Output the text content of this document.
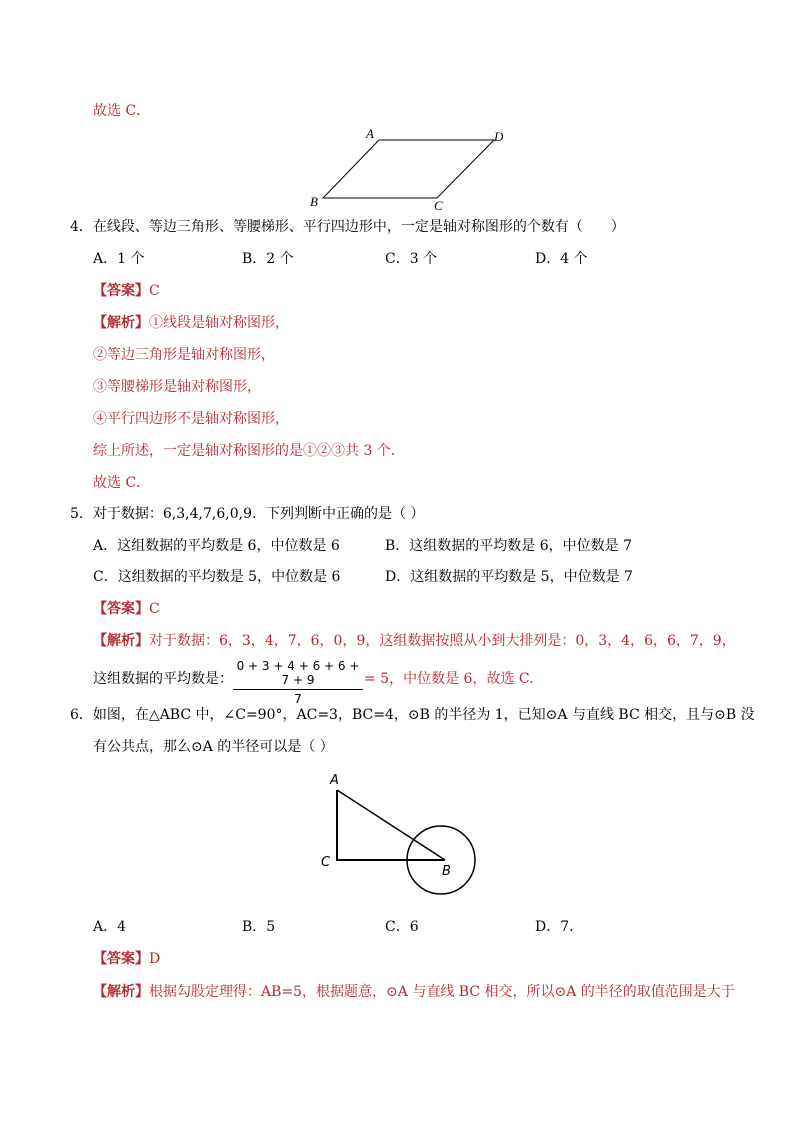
故选 C．
A	D
B	C
4．在线段、等边三角形、等腰梯形、平行四边形中，一定是轴对称图形的个数有（　　）
A．1 个	B．2 个	C．3 个	D．4 个
【答案】C
【解析】①线段是轴对称图形，
②等边三角形是轴对称图形，
③等腰梯形是轴对称图形，
④平行四边形不是轴对称图形，
综上所述，一定是轴对称图形的是①②③共 3 个．
故选 C．
5．对于数据：6,3,4,7,6,0,9．下列判断中正确的是（ ）
A．这组数据的平均数是 6，中位数是 6	B．这组数据的平均数是 6，中位数是 7
C．这组数据的平均数是 5，中位数是 6	D．这组数据的平均数是 5，中位数是 7
【答案】C
【解析】对于数据：6，3，4，7，6，0，9，这组数据按照从小到大排列是：0，3，4，6，6，7，9，
这组数据的平均数是： $\frac{0 + 3 + 4 + 6 + 6 + 7 + 9}{7} = 5$，中位数是 6，故选 C.
6．如图，在△ABC 中，∠C=90°，AC=3，BC=4，⊙B 的半径为 1，已知⊙A 与直线 BC 相交，且与⊙B 没
有公共点，那么⊙A 的半径可以是（ ）
A
C
B
A．4	B．5	C．6	D．7.
【答案】D
【解析】根据勾股定理得：AB=5，根据题意，⊙A 与直线 BC 相交，所以⊙A 的半径的取值范围是大于
